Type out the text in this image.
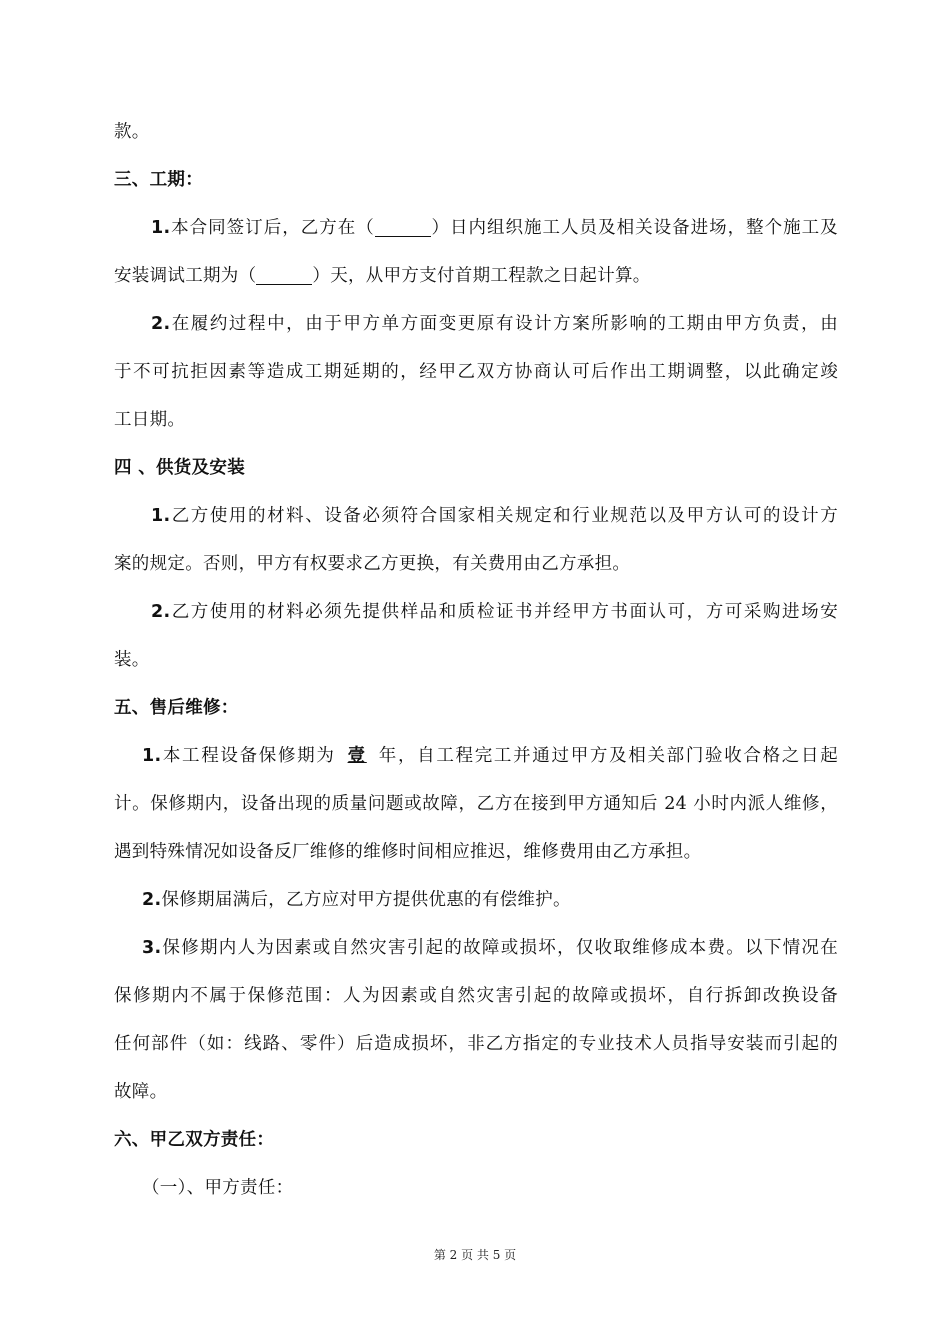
款。
三、工期：
1.本合同签订后，乙方在（	）日内组织施工人员及相关设备进场，整个施工及
安装调试工期为（	）天，从甲方支付首期工程款之日起计算。
2.在履约过程中，由于甲方单方面变更原有设计方案所影响的工期由甲方负责，由
于不可抗拒因素等造成工期延期的，经甲乙双方协商认可后作出工期调整，以此确定竣
工日期。
四 、供货及安装
1.乙方使用的材料、设备必须符合国家相关规定和行业规范以及甲方认可的设计方
案的规定。否则，甲方有权要求乙方更换，有关费用由乙方承担。
2.乙方使用的材料必须先提供样品和质检证书并经甲方书面认可，方可采购进场安
装。
五、售后维修：
1.本工程设备保修期为 壹 年，自工程完工并通过甲方及相关部门验收合格之日起
计。保修期内，设备出现的质量问题或故障，乙方在接到甲方通知后 24 小时内派人维修，
遇到特殊情况如设备反厂维修的维修时间相应推迟，维修费用由乙方承担。
2.保修期届满后，乙方应对甲方提供优惠的有偿维护。
3.保修期内人为因素或自然灾害引起的故障或损坏，仅收取维修成本费。以下情况在
保修期内不属于保修范围：人为因素或自然灾害引起的故障或损坏，自行拆卸改换设备
任何部件（如：线路、零件）后造成损坏，非乙方指定的专业技术人员指导安装而引起的
故障。
六、甲乙双方责任：
（一）、甲方责任：
第 2 页 共 5 页
